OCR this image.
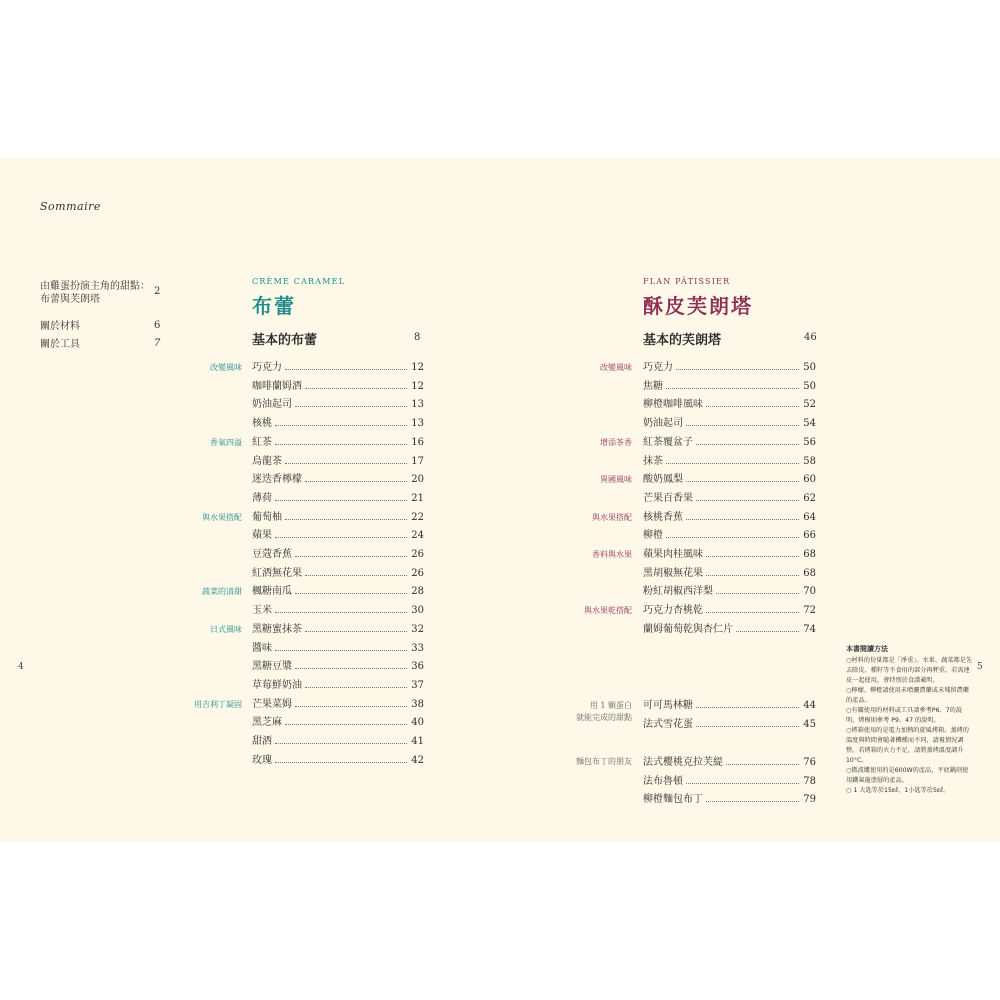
Sommaire
由雞蛋扮演主角的甜點：
布蕾與芙朗塔
2
關於材料	6
關於工具	7
CRÈME CARAMEL
布蕾
基本的布蕾	8
改變風味 巧克力	12
咖啡蘭姆酒	12
奶油起司	13
核桃	13
香氣四溢 紅茶	16
烏龍茶	17
迷迭香檸檬	20
薄荷	21
與水果搭配 葡萄柚	22
蘋果	24
豆蔻香蕉	26
紅酒無花果	26
蔬菜的清甜 楓糖南瓜	28
玉米	30
日式風味 黑糖蜜抹茶	32
醬味	33
黑糖豆漿	36
草莓鮮奶油	37
用吉利丁凝固 芒果菜姆	38
黑芝麻	40
甜酒	41
玫瑰	42
FLAN PÂTISSIER
酥皮芙朗塔
基本的芙朗塔	46
改變風味 巧克力	50
焦糖	50
柳橙咖啡風味	52
奶油起司	54
增添茶香 紅茶覆盆子	56
抹茶	58
異國風味 酸奶鳳梨	60
芒果百香果	62
與水果搭配 核桃香蕉	64
柳橙	66
香料與水果 蘋果肉桂風味	68
黑胡椒無花果	68
粉紅胡椒西洋梨	70
與水果乾搭配 巧克力杏桃乾	72
蘭姆葡萄乾與杏仁片	74
用 1 顆蛋白
就能完成的甜點
可可馬林糖	44
法式雪花蛋	45
麵包布丁的朋友 法式櫻桃克拉芙緹	76
法布魯頓	78
柳橙麵包布丁	79
本書閱讀方法
○材料的份量都是「淨重」。水果、蔬菜都是先去除皮、種籽等不食用的部分再秤重。若需連皮一起使用，會特別於食譜載明。
○檸檬、柳橙請使用未噴灑農藥或未殘留農藥的產品。
○有關使用的材料或工具請參考P6、7的說明，烤模則參考 P9、47 的說明。
○烤箱使用的是電力加熱的旋風烤箱。蒸烤的溫度與時間會隨著機種而不同，請視情況調整。若烤箱的火力不足，請將蒸烤溫度調升 10°C。
○微波爐使用的是600W的產品，平底鍋則使用鐵氟龍塗層的產品。
○ 1 大匙等於15㎖，1小匙等於5㎖。
4	5
